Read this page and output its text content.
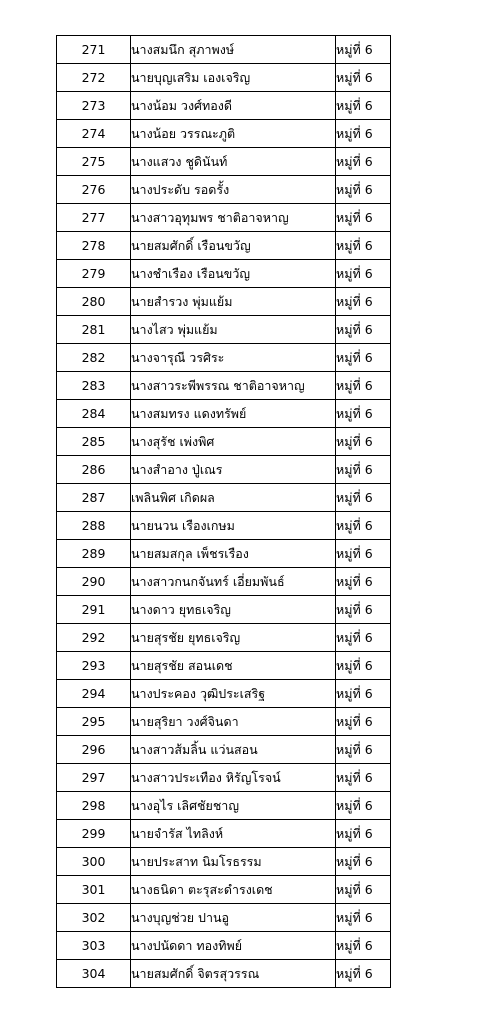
271	นางสมนึก สุภาพงษ์	หมู่ที่ 6
272	นายบุญเสริม เองเจริญ	หมู่ที่ 6
273	นางน้อม วงศ์ทองดี	หมู่ที่ 6
274	นางน้อย วรรณะภูติ	หมู่ที่ 6
275	นางแสวง ชูดินันท์	หมู่ที่ 6
276	นางประดับ รอดรั้ง	หมู่ที่ 6
277	นางสาวอุทุมพร ชาติอาจหาญ	หมู่ที่ 6
278	นายสมศักดิ์ เรือนขวัญ	หมู่ที่ 6
279	นางชำเรือง เรือนขวัญ	หมู่ที่ 6
280	นายสำรวง พุ่มแย้ม	หมู่ที่ 6
281	นางไสว พุ่มแย้ม	หมู่ที่ 6
282	นางจารุณี วรศิระ	หมู่ที่ 6
283	นางสาวระพีพรรณ ชาติอาจหาญ	หมู่ที่ 6
284	นางสมทรง แดงทรัพย์	หมู่ที่ 6
285	นางสุรัช เพ่งพิศ	หมู่ที่ 6
286	นางสำอาง ปู่เณร	หมู่ที่ 6
287	เพลินพิศ เกิดผล	หมู่ที่ 6
288	นายนวน เรืองเกษม	หมู่ที่ 6
289	นายสมสกุล เพ็ชรเรือง	หมู่ที่ 6
290	นางสาวกนกจันทร์ เอี่ยมพันธ์	หมู่ที่ 6
291	นางดาว ยุทธเจริญ	หมู่ที่ 6
292	นายสุรชัย ยุทธเจริญ	หมู่ที่ 6
293	นายสุรชัย สอนเดช	หมู่ที่ 6
294	นางประคอง วุฒิประเสริฐ	หมู่ที่ 6
295	นายสุริยา วงศ์จินดา	หมู่ที่ 6
296	นางสาวส้มลิ้น แว่นสอน	หมู่ที่ 6
297	นางสาวประเทือง หิรัญโรจน์	หมู่ที่ 6
298	นางอุไร เลิศชัยชาญ	หมู่ที่ 6
299	นายจำรัส ไทลิงห์	หมู่ที่ 6
300	นายประสาท นิมโรธรรม	หมู่ที่ 6
301	นางธนิดา ตะรุสะดำรงเดช	หมู่ที่ 6
302	นางบุญช่วย ปานอู	หมู่ที่ 6
303	นางปนัดดา ทองทิพย์	หมู่ที่ 6
304	นายสมศักดิ์ จิตรสุวรรณ	หมู่ที่ 6
